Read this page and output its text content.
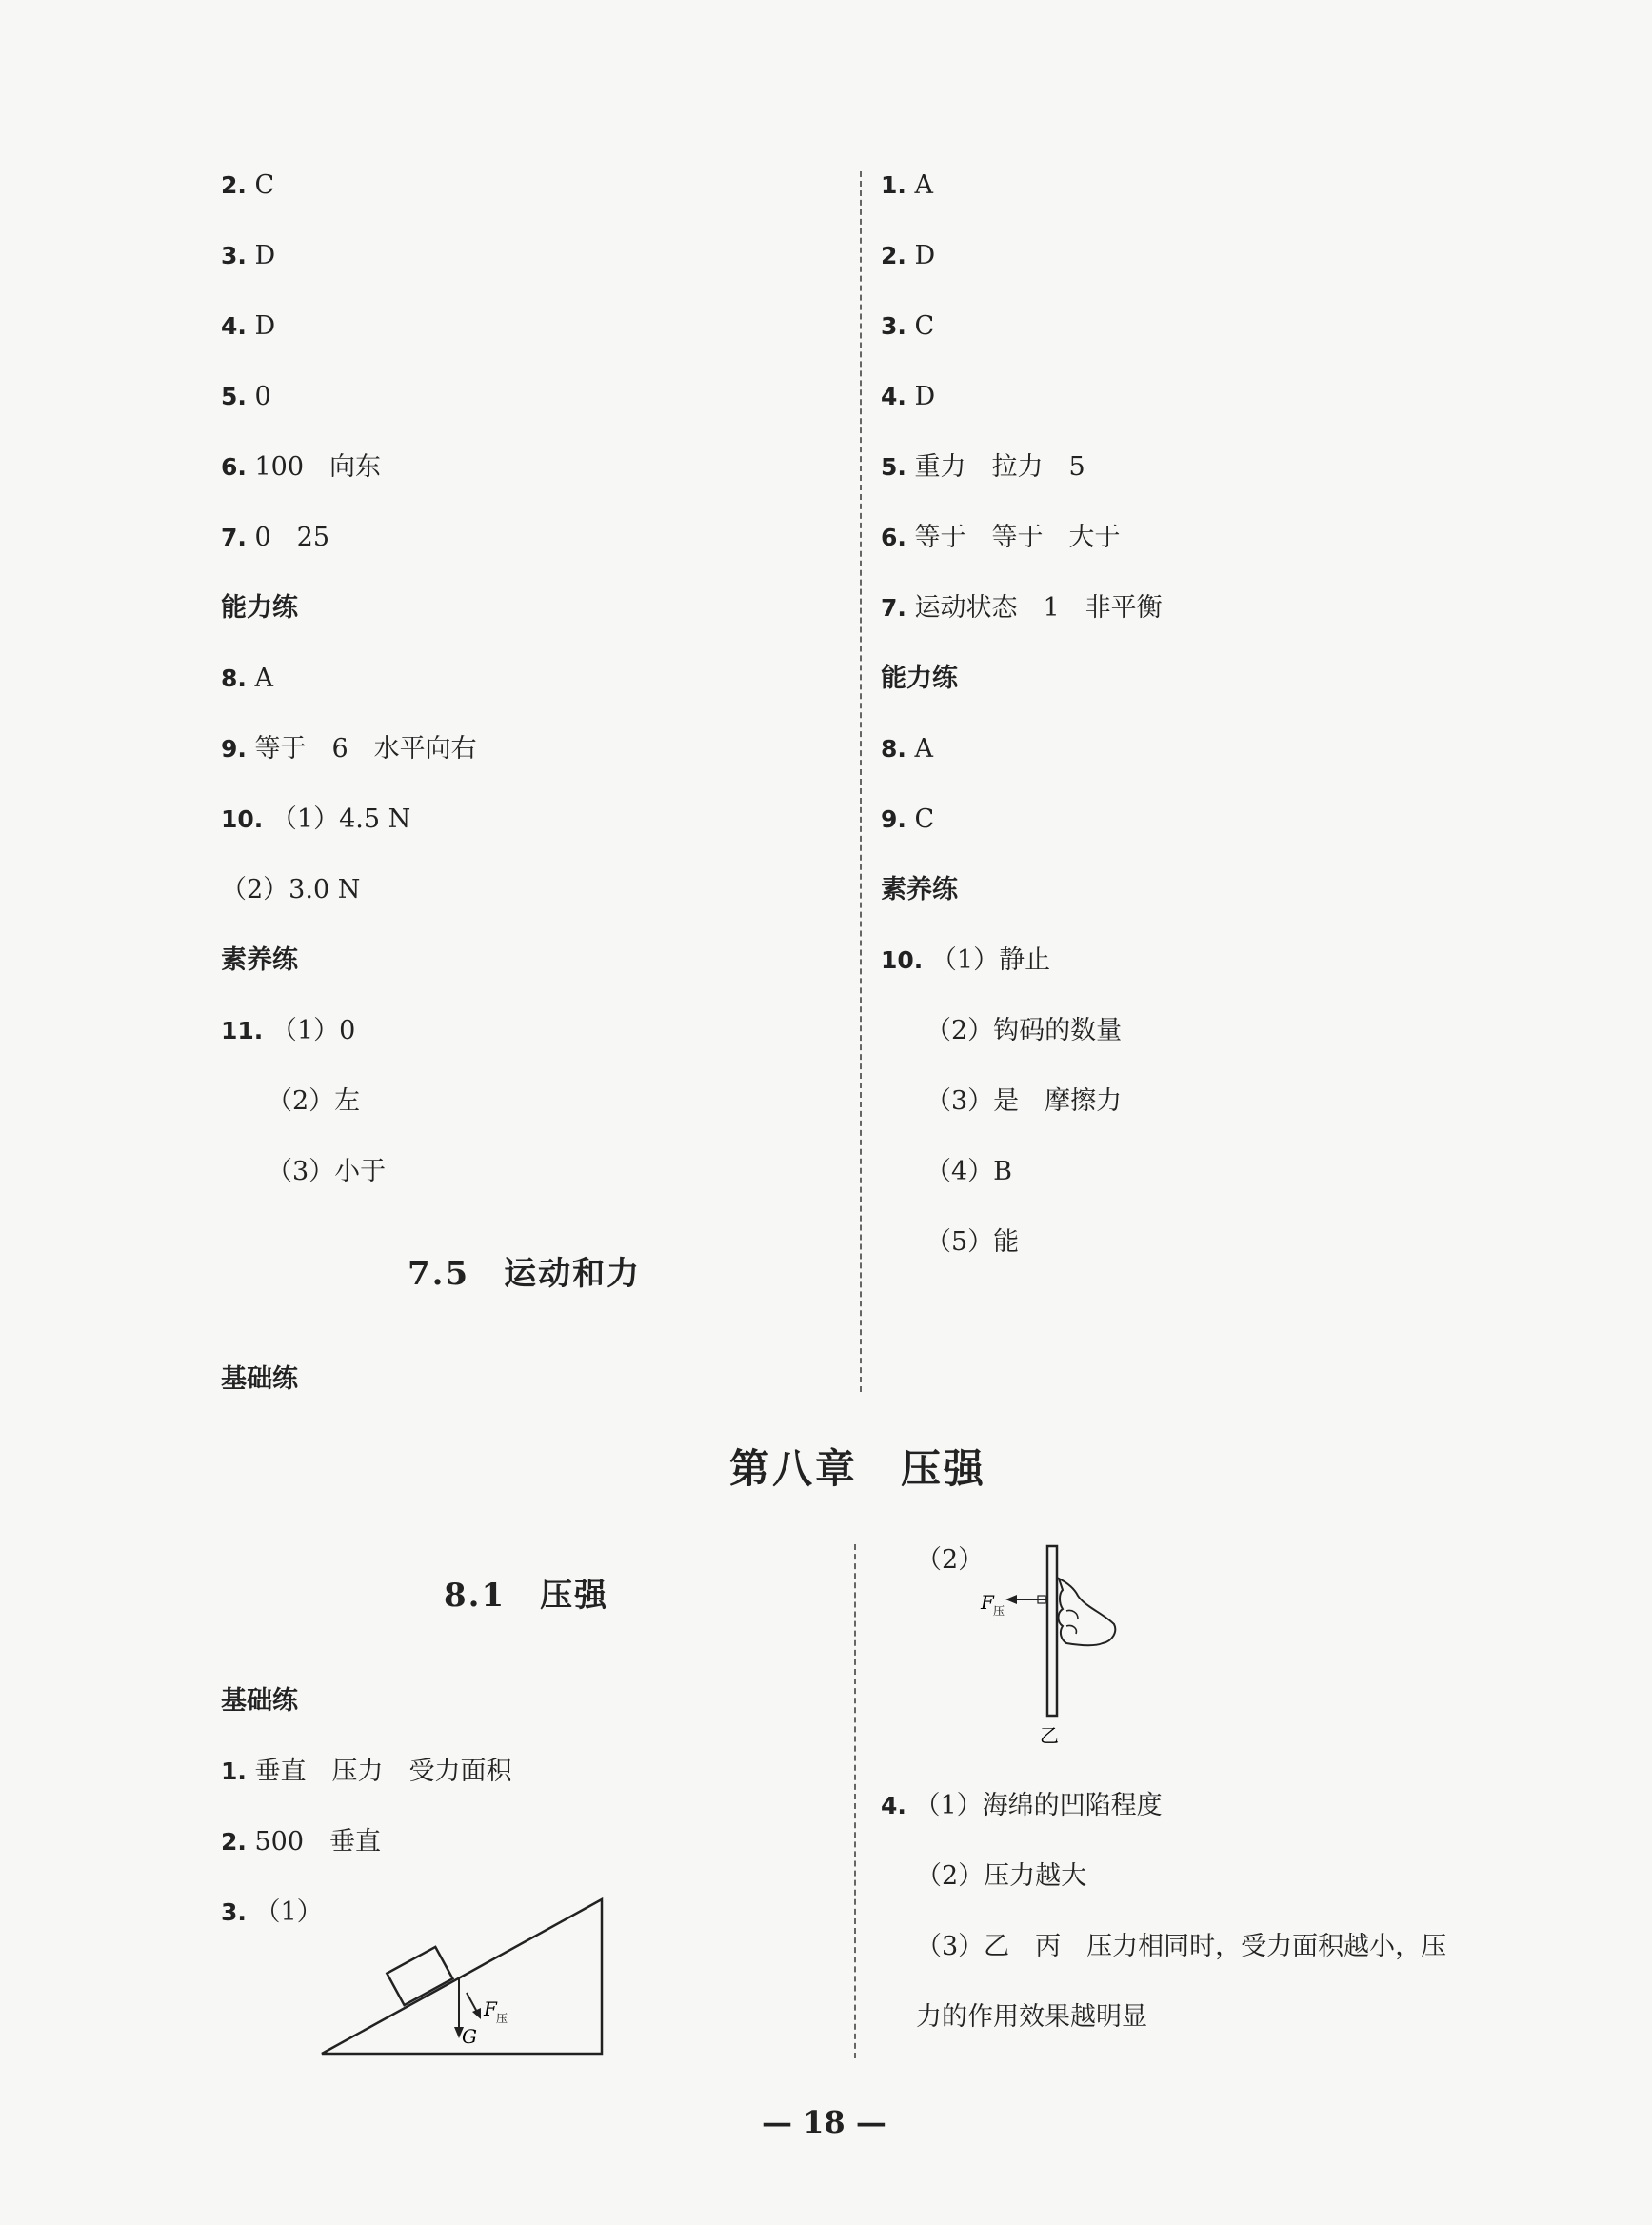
2. C
3. D
4. D
5. 0
6. 100　向东
7. 0　25
能力练
8. A
9. 等于　6　水平向右
10. （1）4.5 N
（2）3.0 N
素养练
11. （1）0
（2）左
（3）小于
7.5　运动和力
基础练
1. A
2. D
3. C
4. D
5. 重力　拉力　5
6. 等于　等于　大于
7. 运动状态　1　非平衡
能力练
8. A
9. C
素养练
10. （1）静止
（2）钩码的数量
（3）是　摩擦力
（4）B
（5）能
第八章　压强
8.1　压强
基础练
1. 垂直　压力　受力面积
2. 500　垂直
3. （1）
F 压
G
（2）
F 压
乙
4. （1）海绵的凹陷程度
（2）压力越大
（3）乙　丙　压力相同时，受力面积越小，压
力的作用效果越明显
— 18 —
